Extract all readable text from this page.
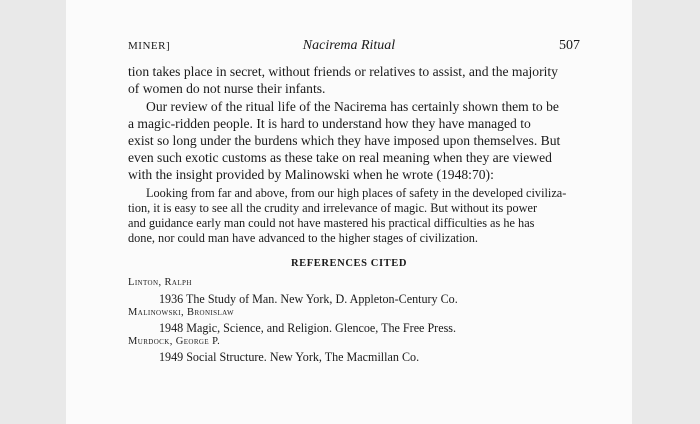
MINER]	Nacirema Ritual	507
tion takes place in secret, without friends or relatives to assist, and the majority
of women do not nurse their infants.
Our review of the ritual life of the Nacirema has certainly shown them to be
a magic-ridden people. It is hard to understand how they have managed to
exist so long under the burdens which they have imposed upon themselves. But
even such exotic customs as these take on real meaning when they are viewed
with the insight provided by Malinowski when he wrote (1948:70):
Looking from far and above, from our high places of safety in the developed civiliza-
tion, it is easy to see all the crudity and irrelevance of magic. But without its power
and guidance early man could not have mastered his practical difficulties as he has
done, nor could man have advanced to the higher stages of civilization.
REFERENCES CITED
Linton, Ralph
1936 The Study of Man. New York, D. Appleton-Century Co.
Malinowski, Bronislaw
1948 Magic, Science, and Religion. Glencoe, The Free Press.
Murdock, George P.
1949 Social Structure. New York, The Macmillan Co.
